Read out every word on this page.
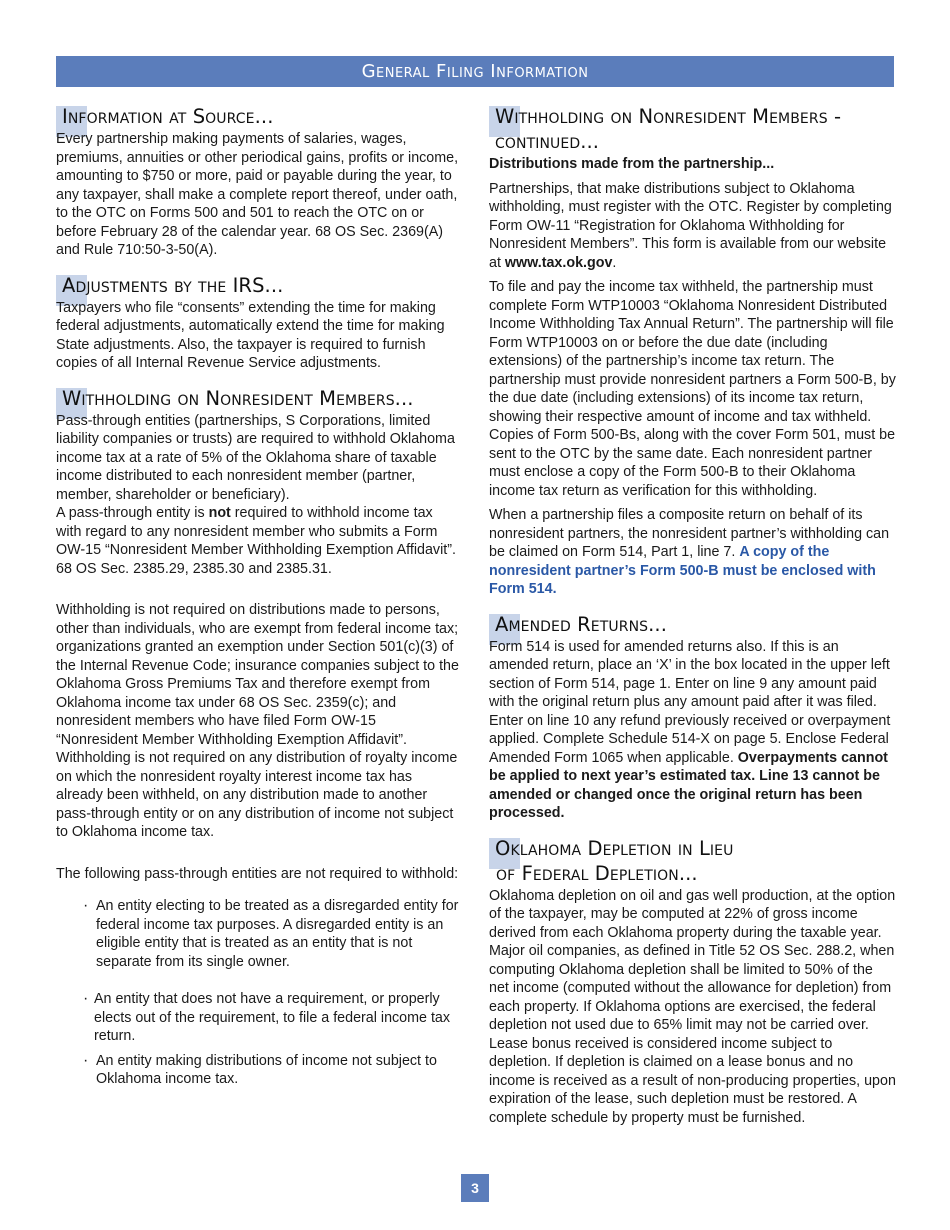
General Filing Information
Information at Source...

Every partnership making payments of salaries, wages, premiums, annuities or other periodical gains, profits or income, amounting to $750 or more, paid or payable during the year, to any taxpayer, shall make a complete report thereof, under oath, to the OTC on Forms 500 and 501 to reach the OTC on or before February 28 of the calendar year. 68 OS Sec. 2369(A) and Rule 710:50-3-50(A).

Adjustments by the IRS...

Taxpayers who file “consents” extending the time for making federal adjustments, automatically extend the time for making State adjustments. Also, the taxpayer is required to furnish copies of all Internal Revenue Service adjustments.

Withholding on Nonresident Members...

Pass-through entities (partnerships, S Corporations, limited liability companies or trusts) are required to withhold Oklahoma income tax at a rate of 5% of the Oklahoma share of taxable income distributed to each nonresident member (partner, member, shareholder or beneficiary).
A pass-through entity is not required to withhold income tax with regard to any nonresident member who submits a Form OW-15 “Nonresident Member Withholding Exemption Affidavit”. 68 OS Sec. 2385.29, 2385.30 and 2385.31.

Withholding is not required on distributions made to persons, other than individuals, who are exempt from federal income tax; organizations granted an exemption under Section 501(c)(3) of the Internal Revenue Code; insurance companies subject to the Oklahoma Gross Premiums Tax and therefore exempt from Oklahoma income tax under 68 OS Sec. 2359(c); and nonresident members who have filed Form OW-15 “Nonresident Member Withholding Exemption Affidavit”. Withholding is not required on any distribution of royalty income on which the nonresident royalty interest income tax has already been withheld, on any distribution made to another pass-through entity or on any distribution of income not subject to Oklahoma income tax.

The following pass-through entities are not required to withhold:

· An entity electing to be treated as a disregarded entity for federal income tax purposes. A disregarded entity is an eligible entity that is treated as an entity that is not separate from its single owner.

· An entity that does not have a requirement, or properly elects out of the requirement, to file a federal income tax return.

· An entity making distributions of income not subject to Oklahoma income tax.

Withholding on Nonresident Members -
continued...

Distributions made from the partnership...

Partnerships, that make distributions subject to Oklahoma withholding, must register with the OTC. Register by completing Form OW-11 “Registration for Oklahoma Withholding for Nonresident Members”. This form is available from our website at www.tax.ok.gov.

To file and pay the income tax withheld, the partnership must complete Form WTP10003 “Oklahoma Nonresident Distributed Income Withholding Tax Annual Return”. The partnership will file Form WTP10003 on or before the due date (including extensions) of the partnership’s income tax return. The partnership must provide nonresident partners a Form 500-B, by the due date (including extensions) of its income tax return, showing their respective amount of income and tax withheld. Copies of Form 500-Bs, along with the cover Form 501, must be sent to the OTC by the same date. Each nonresident partner must enclose a copy of the Form 500-B to their Oklahoma income tax return as verification for this withholding.

When a partnership files a composite return on behalf of its nonresident partners, the nonresident partner’s withholding can be claimed on Form 514, Part 1, line 7. A copy of the nonresident partner’s Form 500-B must be enclosed with Form 514.

Amended Returns...

Form 514 is used for amended returns also. If this is an amended return, place an ‘X’ in the box located in the upper left section of Form 514, page 1. Enter on line 9 any amount paid with the original return plus any amount paid after it was filed. Enter on line 10 any refund previously received or overpayment applied. Complete Schedule 514-X on page 5. Enclose Federal Amended Form 1065 when applicable. Overpayments cannot be applied to next year’s estimated tax. Line 13 cannot be amended or changed once the original return has been processed.

Oklahoma Depletion in Lieu
of Federal Depletion...

Oklahoma depletion on oil and gas well production, at the option of the taxpayer, may be computed at 22% of gross income derived from each Oklahoma property during the taxable year. Major oil companies, as defined in Title 52 OS Sec. 288.2, when computing Oklahoma depletion shall be limited to 50% of the net income (computed without the allowance for depletion) from each property. If Oklahoma options are exercised, the federal depletion not used due to 65% limit may not be carried over. Lease bonus received is considered income subject to depletion. If depletion is claimed on a lease bonus and no income is received as a result of non-producing properties, upon expiration of the lease, such depletion must be restored. A complete schedule by property must be furnished.

3
